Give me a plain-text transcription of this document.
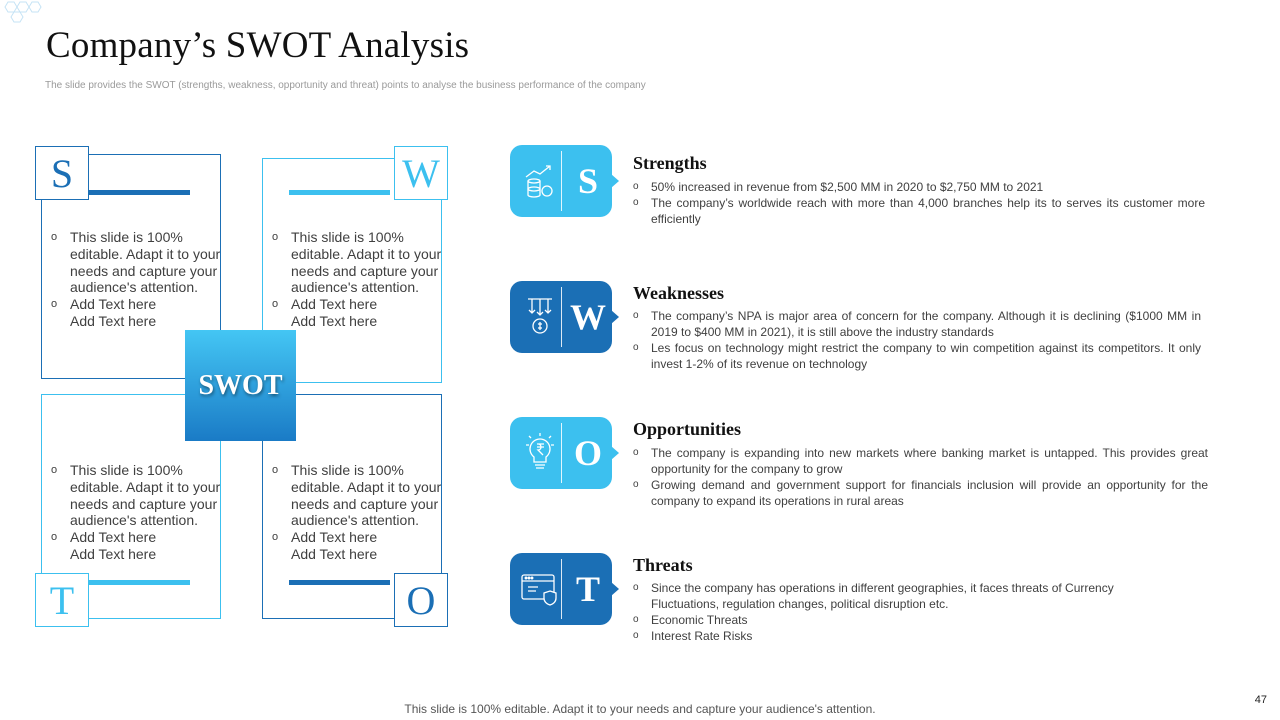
Company’s SWOT Analysis
The slide provides the SWOT (strengths, weakness, opportunity and threat) points to analyse the business performance of the company
S
o This slide is 100% editable. Adapt it to your needs and capture your audience's attention.
o Add Text here Add Text here
W
o This slide is 100% editable. Adapt it to your needs and capture your audience's attention.
o Add Text here Add Text here
o This slide is 100% editable. Adapt it to your needs and capture your audience's attention.
o Add Text here Add Text here
T
o This slide is 100% editable. Adapt it to your needs and capture your audience's attention.
o Add Text here Add Text here
O
SWOT
S	Strengths
o 50% increased in revenue from $2,500 MM in 2020 to $2,750 MM to 2021
o The company’s worldwide reach with more than 4,000 branches help its to serves its customer more efficiently
W
Weaknesses
o The company’s NPA is major area of concern for the company. Although it is declining ($1000 MM in 2019 to $400 MM in 2021), it is still above the industry standards
o Les focus on technology might restrict the company to win competition against its competitors. It only invest 1-2% of its revenue on technology
O
Opportunities
o The company is expanding into new markets where banking market is untapped. This provides great opportunity for the company to grow
o Growing demand and government support for financials inclusion will provide an opportunity for the company to expand its operations in rural areas
T
Threats
o Since the company has operations in different geographies, it faces threats of Currency Fluctuations, regulation changes, political disruption etc.
o Economic Threats
o Interest Rate Risks
This slide is 100% editable. Adapt it to your needs and capture your audience's attention.
47
